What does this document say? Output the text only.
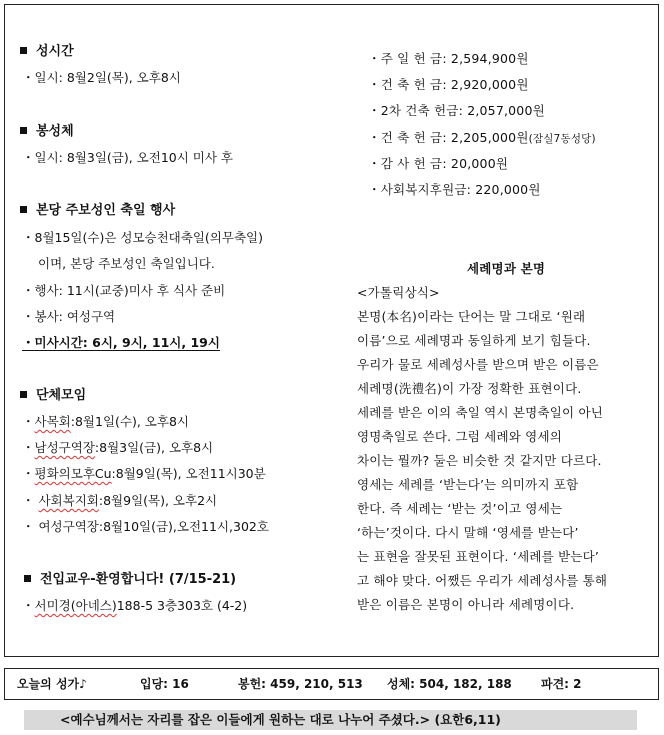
성시간
・일시: 8월2일(목), 오후8시
봉성체
・일시: 8월3일(금), 오전10시 미사 후
본당 주보성인 축일 행사
・8월15일(수)은 성모승천대축일(의무축일)
이며, 본당 주보성인 축일입니다.
・행사: 11시(교중)미사 후 식사 준비
・봉사: 여성구역
・미사시간: 6시, 9시, 11시, 19시
단체모임
・사목회:8월1일(수), 오후8시
・남성구역장:8월3일(금), 오후8시
・평화의모후Cu:8월9일(목), 오전11시30분
・ 사회복지회:8월9일(목), 오후2시
・ 여성구역장:8월10일(금),오전11시,302호
전입교우-환영합니다! (7/15-21)
・서미경(아네스)188-5 3층303호 (4-2)
・주 일 헌 금: 2,594,900원
・건 축 헌 금: 2,920,000원
・2차 건축 헌금: 2,057,000원
・건 축 헌 금: 2,205,000원(잠실7동성당)
・감 사 헌 금: 20,000원
・사회복지후원금: 220,000원
세례명과 본명
<가톨릭상식>
본명(本名)이라는 단어는 말 그대로 ‘원래
이름’으로 세례명과 동일하게 보기 힘들다.
우리가 물로 세례성사를 받으며 받은 이름은
세례명(洗禮名)이 가장 정확한 표현이다.
세례를 받은 이의 축일 역시 본명축일이 아닌
영명축일로 쓴다. 그럼 세례와 영세의
차이는 뭘까? 둘은 비슷한 것 같지만 다르다.
영세는 세례를 ‘받는다’는 의미까지 포함
한다. 즉 세례는 ‘받는 것’이고 영세는
‘하는’것이다. 다시 말해 ‘영세를 받는다’
는 표현을 잘못된 표현이다. ‘세례를 받는다’
고 해야 맞다. 어쨌든 우리가 세례성사를 통해
받은 이름은 본명이 아니라 세례명이다.
오늘의 성가♪	입당: 16	봉헌: 459, 210, 513 성체: 504, 182, 188 파견: 2
<예수님께서는 자리를 잡은 이들에게 원하는 대로 나누어 주셨다.> (요한6,11)
